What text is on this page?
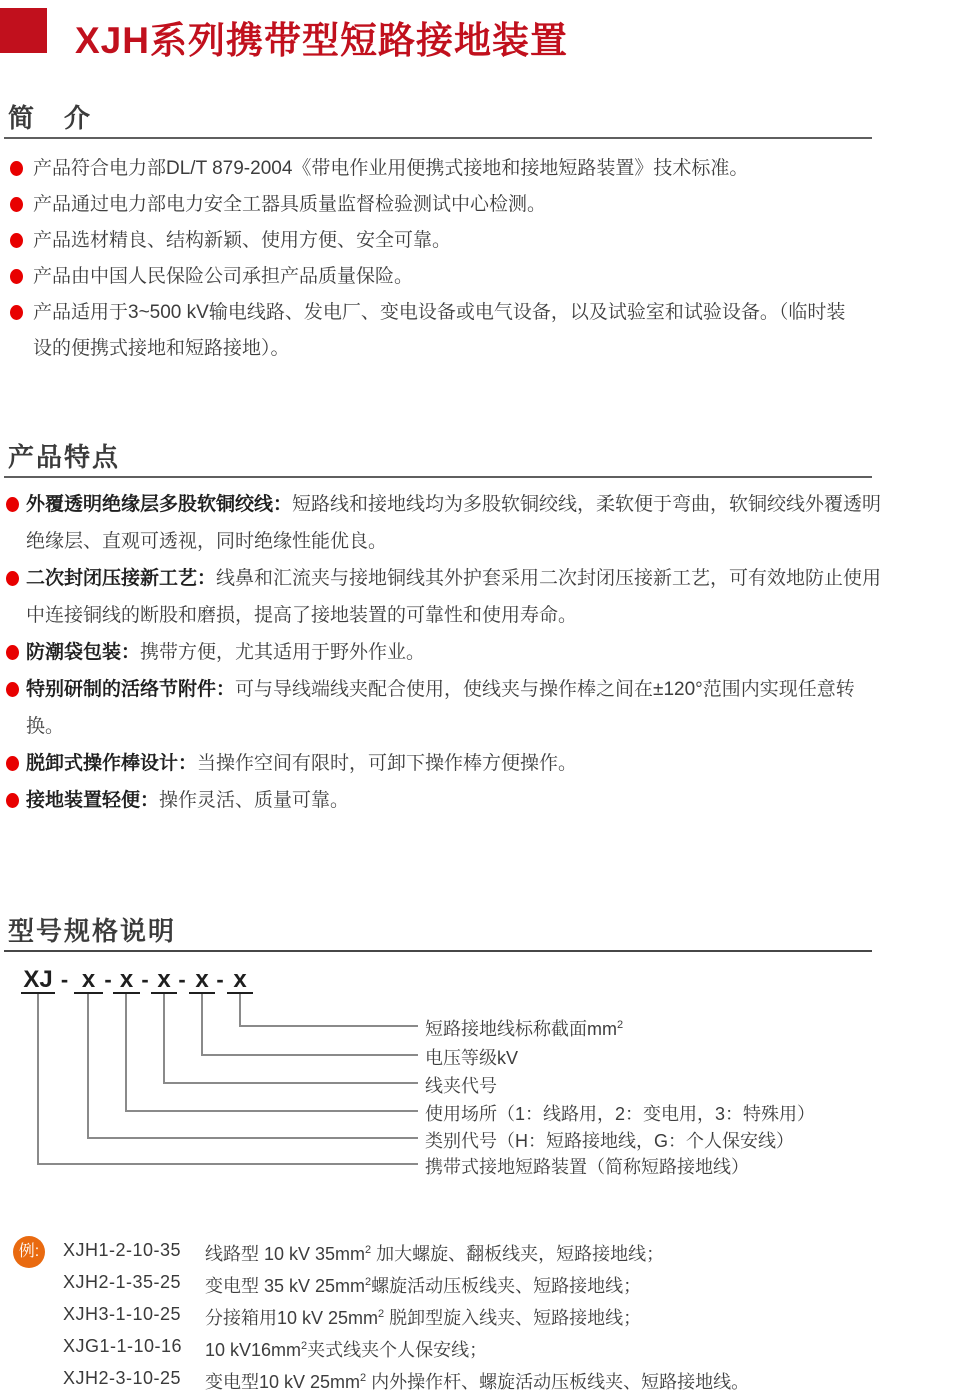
XJH系列携带型短路接地装置
简　介
产品符合电力部DL/T 879-2004《带电作业用便携式接地和接地短路装置》技术标准。
产品通过电力部电力安全工器具质量监督检验测试中心检测。
产品选材精良、结构新颖、使用方便、安全可靠。
产品由中国人民保险公司承担产品质量保险。
产品适用于3~500 kV输电线路、发电厂、变电设备或电气设备，以及试验室和试验设备。（临时装设的便携式接地和短路接地）。
产品特点
外覆透明绝缘层多股软铜绞线：短路线和接地线均为多股软铜绞线，柔软便于弯曲，软铜绞线外覆透明绝缘层、直观可透视，同时绝缘性能优良。
二次封闭压接新工艺：线鼻和汇流夹与接地铜线其外护套采用二次封闭压接新工艺，可有效地防止使用中连接铜线的断股和磨损，提高了接地装置的可靠性和使用寿命。
防潮袋包装：携带方便，尤其适用于野外作业。
特别研制的活络节附件：可与导线端线夹配合使用，使线夹与操作棒之间在±120°范围内实现任意转换。
脱卸式操作棒设计：当操作空间有限时，可卸下操作棒方便操作。
接地装置轻便：操作灵活、质量可靠。
型号规格说明
XJ - x - x - x - x - x
短路接地线标称截面$mm^2$
电压等级kV
线夹代号
使用场所（1：线路用，2：变电用，3：特殊用）
类别代号（H：短路接地线，G：个人保安线）
携带式接地短路装置（简称短路接地线）
例:	XJH1-2-10-35	线路型 10 kV $35mm^2$ 加大螺旋、翻板线夹，短路接地线；
XJH2-1-35-25	变电型 35 kV $25mm^2$螺旋活动压板线夹、短路接地线；
XJH3-1-10-25	分接箱用10 kV $25mm^2$ 脱卸型旋入线夹、短路接地线；
XJG1-1-10-16	10 $kV16mm^2$夹式线夹个人保安线；
XJH2-3-10-25	变电型10 kV $25mm^2$ 内外操作杆、螺旋活动压板线夹、短路接地线。
